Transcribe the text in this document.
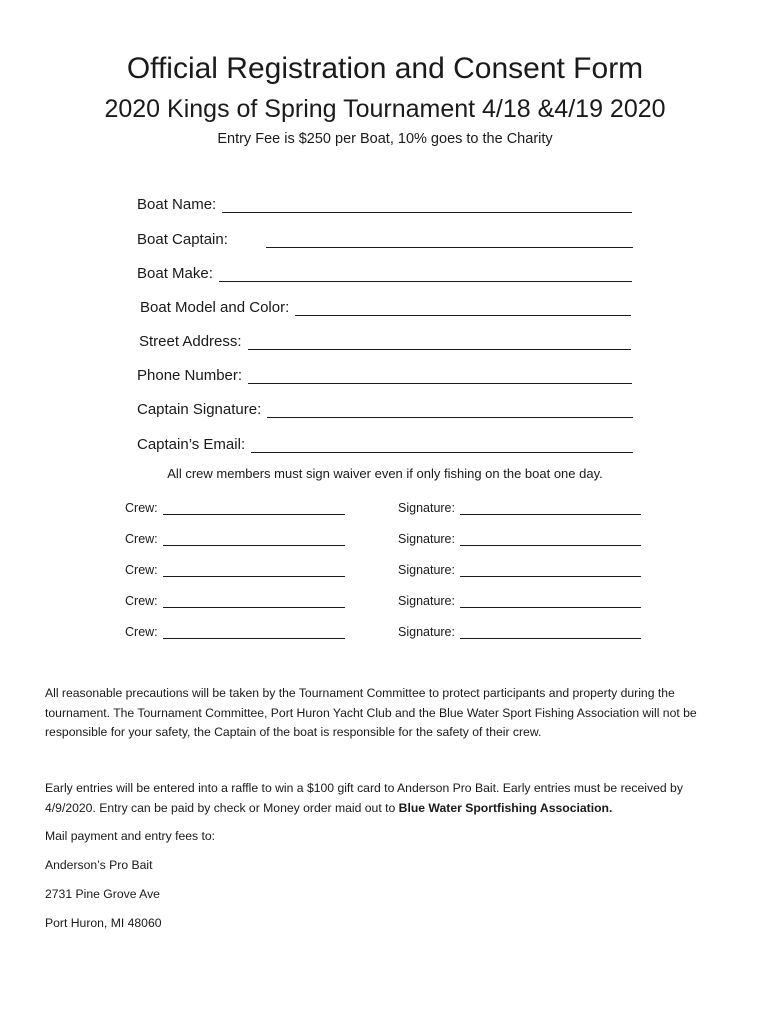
Official Registration and Consent Form
2020 Kings of Spring Tournament 4/18 &4/19 2020
Entry Fee is $250 per Boat, 10% goes to the Charity
Boat Name:
Boat Captain:
Boat Make:
Boat Model and Color:
Street Address:
Phone Number:
Captain Signature:
Captain’s Email:
All crew members must sign waiver even if only fishing on the boat one day.
Crew:	Signature:
Crew:	Signature:
Crew:	Signature:
Crew:	Signature:
Crew:	Signature:
All reasonable precautions will be taken by the Tournament Committee to protect participants and property during the tournament. The Tournament Committee, Port Huron Yacht Club and the Blue Water Sport Fishing Association will not be responsible for your safety, the Captain of the boat is responsible for the safety of their crew.
Early entries will be entered into a raffle to win a $100 gift card to Anderson Pro Bait. Early entries must be received by 4/9/2020. Entry can be paid by check or Money order maid out to Blue Water Sportfishing Association.
Mail payment and entry fees to:
Anderson’s Pro Bait
2731 Pine Grove Ave
Port Huron, MI 48060
